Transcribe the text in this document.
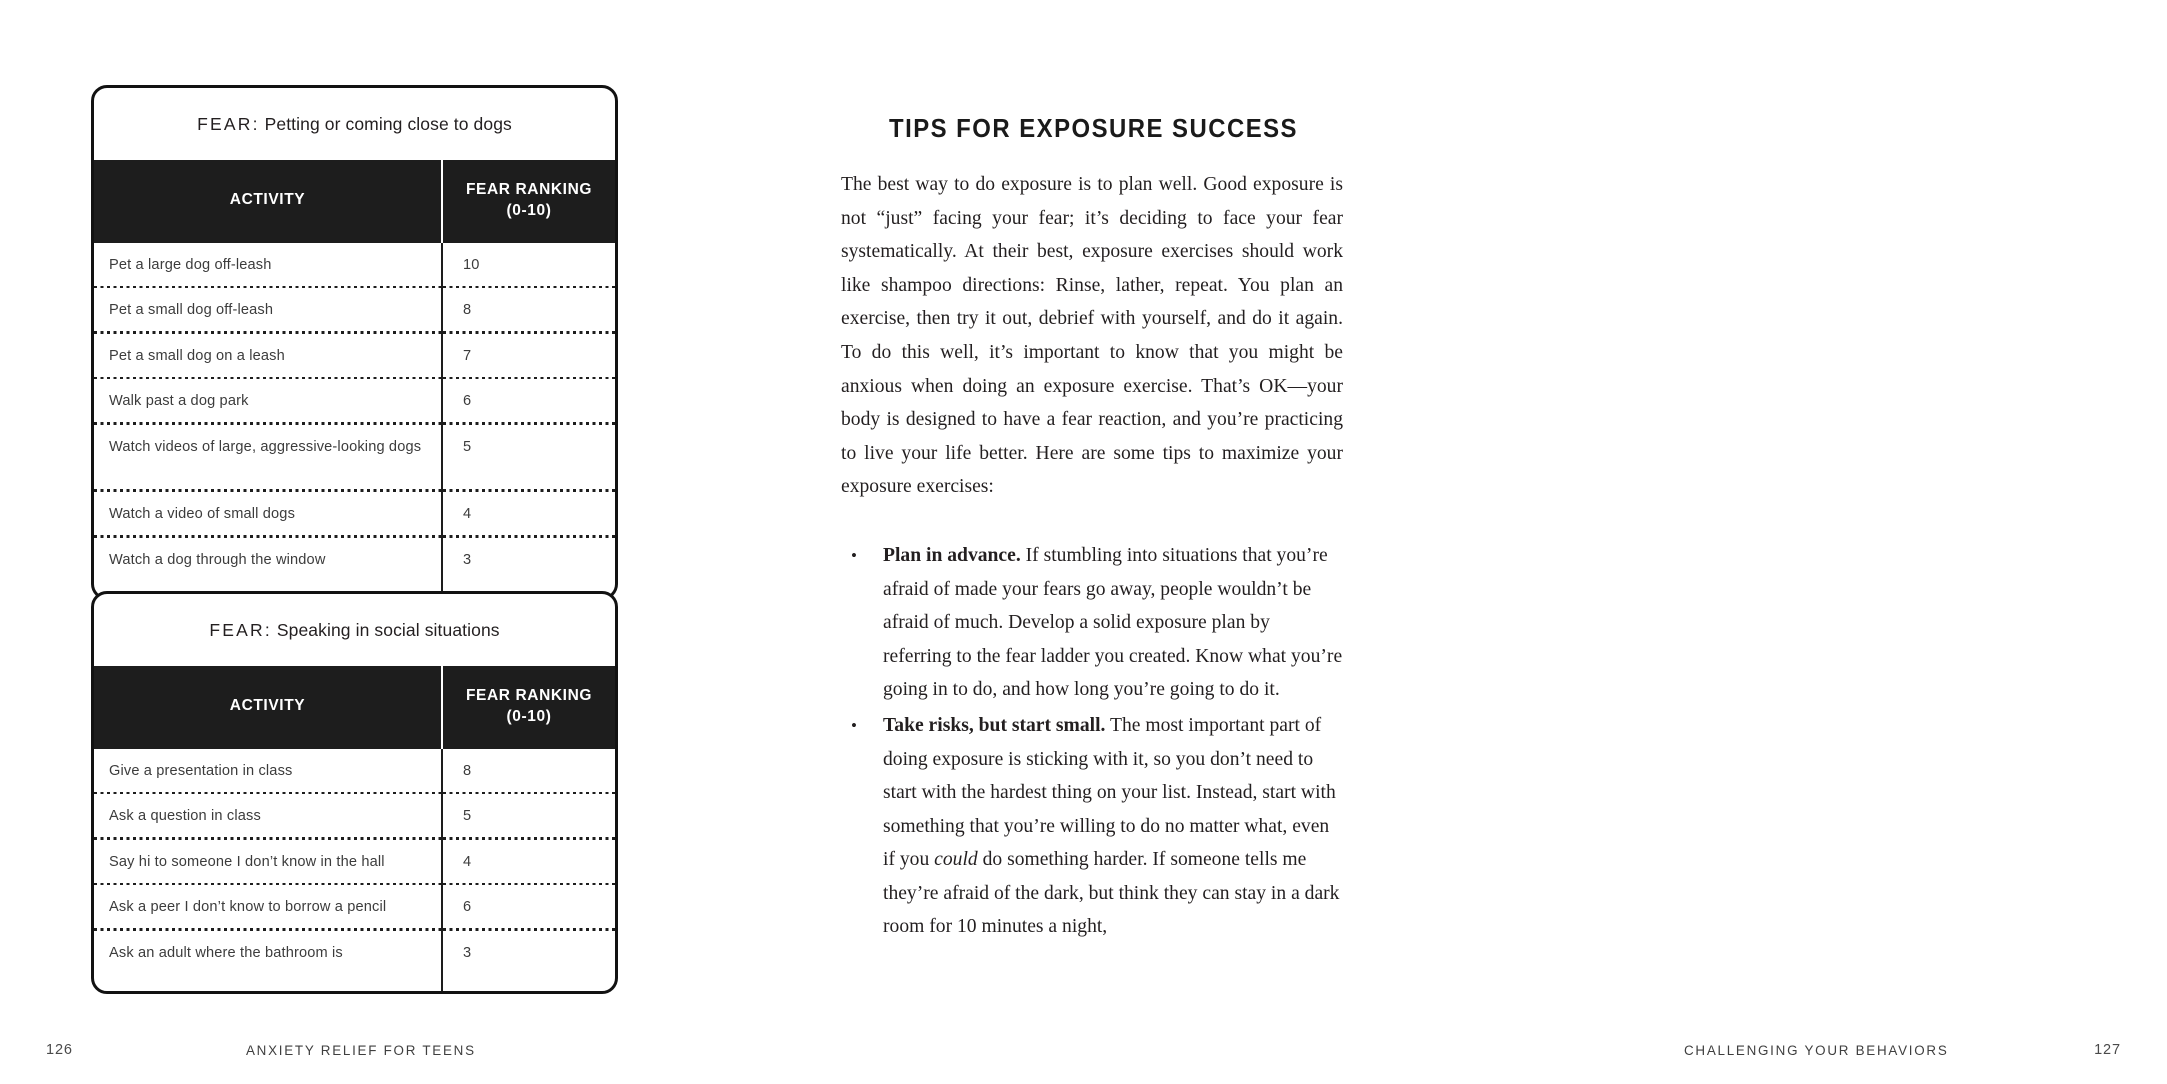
FEAR: Petting or coming close to dogs
ACTIVITY	FEAR RANKING
(0-10)
Pet a large dog off-leash	10
Pet a small dog off-leash	8
Pet a small dog on a leash	7
Walk past a dog park	6
Watch videos of large, aggressive-looking dogs	5
Watch a video of small dogs	4
Watch a dog through the window	3
FEAR: Speaking in social situations
ACTIVITY	FEAR RANKING
(0-10)
Give a presentation in class	8
Ask a question in class	5
Say hi to someone I don’t know in the hall	4
Ask a peer I don’t know to borrow a pencil	6
Ask an adult where the bathroom is	3
126	ANXIETY RELIEF FOR TEENS
TIPS FOR EXPOSURE SUCCESS

The best way to do exposure is to plan well. Good exposure is not “just” facing your fear; it’s deciding to face your fear systematically. At their best, exposure exercises should work like shampoo directions: Rinse, lather, repeat. You plan an exercise, then try it out, debrief with yourself, and do it again. To do this well, it’s important to know that you might be anxious when doing an exposure exercise. That’s OK—your body is designed to have a fear reaction, and you’re practicing to live your life better. Here are some tips to maximize your exposure exercises:

• Plan in advance. If stumbling into situations that you’re afraid of made your fears go away, people wouldn’t be afraid of much. Develop a solid exposure plan by referring to the fear ladder you created. Know what you’re going in to do, and how long you’re going to do it.
• Take risks, but start small. The most important part of doing exposure is sticking with it, so you don’t need to start with the hardest thing on your list. Instead, start with something that you’re willing to do no matter what, even if you could do something harder. If someone tells me they’re afraid of the dark, but think they can stay in a dark room for 10 minutes a night,
CHALLENGING YOUR BEHAVIORS	127
